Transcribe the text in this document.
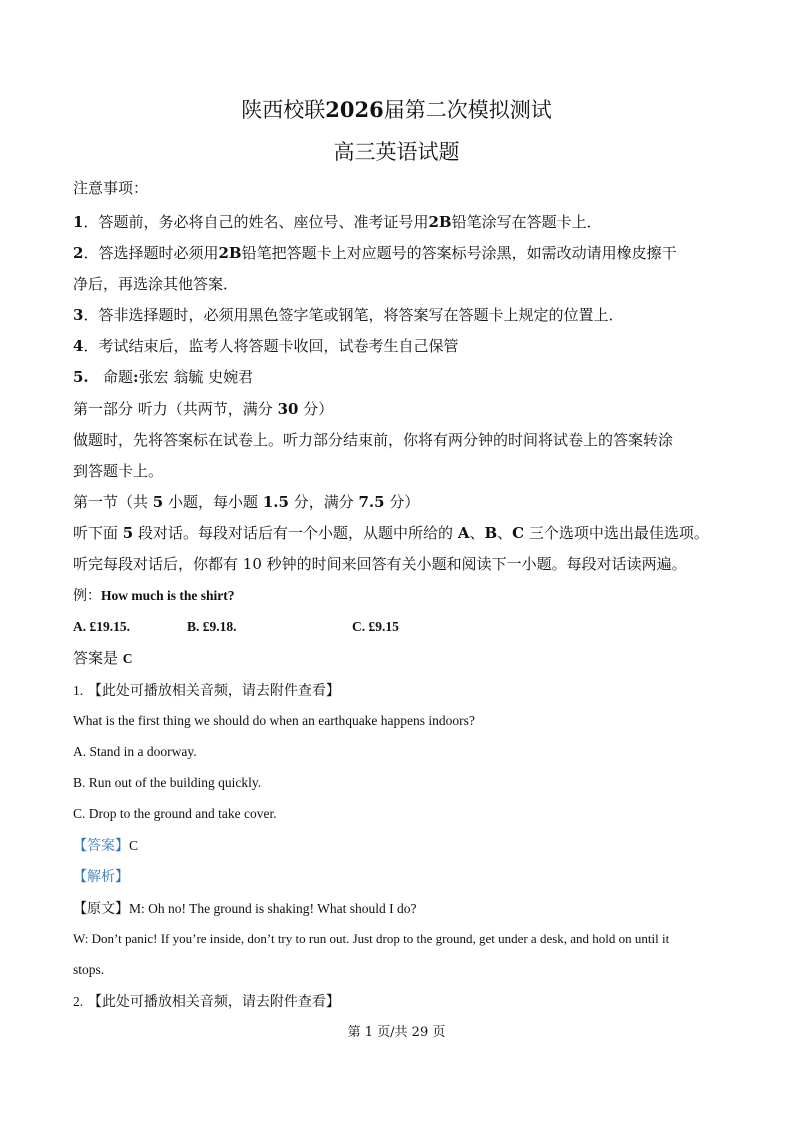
陕西校联2026届第二次模拟测试
高三英语试题
注意事项：
1．答题前，务必将自己的姓名、座位号、准考证号用2B铅笔涂写在答题卡上．
2．答选择题时必须用2B铅笔把答题卡上对应题号的答案标号涂黑，如需改动请用橡皮擦干
净后，再选涂其他答案．
3．答非选择题时，必须用黑色签字笔或钢笔，将答案写在答题卡上规定的位置上．
4．考试结束后，监考人将答题卡收回，试卷考生自己保管
5. 命题:张宏 翁毓 史婉君
第一部分 听力（共两节，满分 30 分）
做题时，先将答案标在试卷上。听力部分结束前，你将有两分钟的时间将试卷上的答案转涂
到答题卡上。
第一节（共 5 小题，每小题 1.5 分，满分 7.5 分）
听下面 5 段对话。每段对话后有一个小题，从题中所给的 A、B、C 三个选项中选出最佳选项。
听完每段对话后，你都有 10 秒钟的时间来回答有关小题和阅读下一小题。每段对话读两遍。
例：How much is the shirt?
A. £19.15.	B. £9.18.	C. £9.15
答案是 C
1. 【此处可播放相关音频，请去附件查看】
What is the first thing we should do when an earthquake happens indoors?
A. Stand in a doorway.
B. Run out of the building quickly.
C. Drop to the ground and take cover.
【答案】C
【解析】
【原文】M: Oh no! The ground is shaking! What should I do?
W: Don’t panic! If you’re inside, don’t try to run out. Just drop to the ground, get under a desk, and hold on until it
stops.
2. 【此处可播放相关音频，请去附件查看】
第 1 页/共 29 页
